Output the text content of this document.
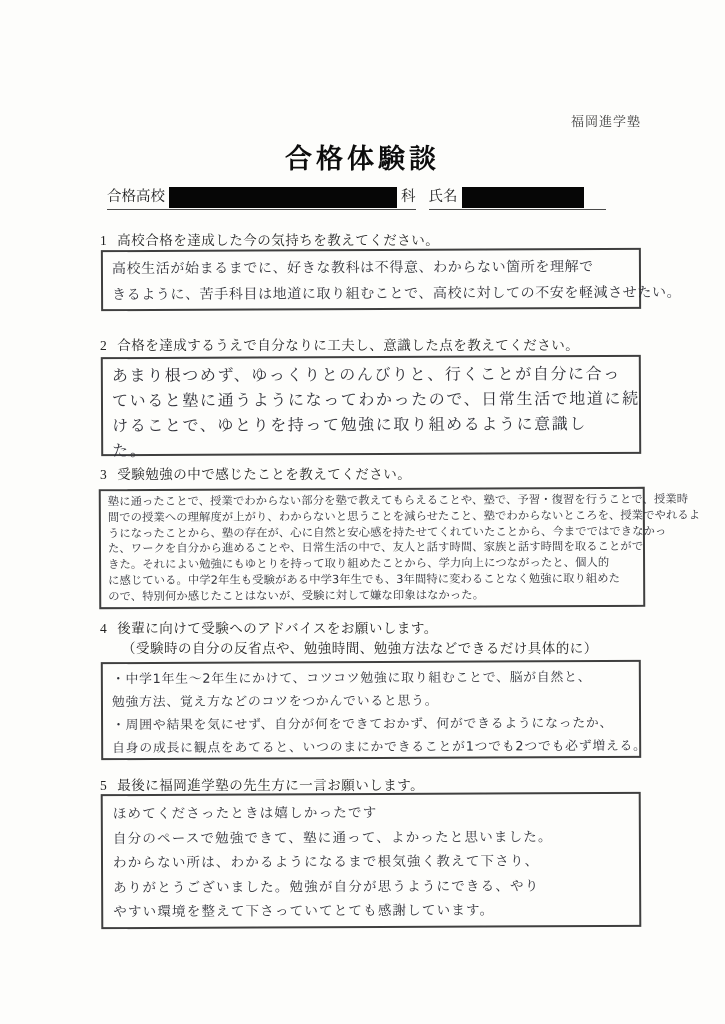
福岡進学塾
合格体験談
合格高校	科 氏名
1 高校合格を達成した今の気持ちを教えてください。
高校生活が始まるまでに、好きな教科は不得意、わからない箇所を理解で
きるように、苦手科目は地道に取り組むことで、高校に対しての不安を軽減させたい。
2 合格を達成するうえで自分なりに工夫し、意識した点を教えてください。
あまり根つめず、ゆっくりとのんびりと、行くことが自分に合っ
ていると塾に通うようになってわかったので、日常生活で地道に続
けることで、ゆとりを持って勉強に取り組めるように意識し
た。
3 受験勉強の中で感じたことを教えてください。
塾に通ったことで、授業でわからない部分を塾で教えてもらえることや、塾で、予習・復習を行うことで、授業時
間での授業への理解度が上がり、わからないと思うことを減らせたこと、塾でわからないところを、授業でやれるよ
うになったことから、塾の存在が、心に自然と安心感を持たせてくれていたことから、今までではできなかっ
た、ワークを自分から進めることや、日常生活の中で、友人と話す時間、家族と話す時間を取ることがで
きた。それによい勉強にもゆとりを持って取り組めたことから、学力向上につながったと、個人的
に感じている。中学2年生も受験がある中学3年生でも、3年間特に変わることなく勉強に取り組めた
ので、特別何か感じたことはないが、受験に対して嫌な印象はなかった。
4 後輩に向けて受験へのアドバイスをお願いします。
（受験時の自分の反省点や、勉強時間、勉強方法などできるだけ具体的に）
・中学1年生〜2年生にかけて、コツコツ勉強に取り組むことで、脳が自然と、
勉強方法、覚え方などのコツをつかんでいると思う。
・周囲や結果を気にせず、自分が何をできておかず、何ができるようになったか、
自身の成長に観点をあてると、いつのまにかできることが1つでも2つでも必ず増える。
5 最後に福岡進学塾の先生方に一言お願いします。
ほめてくださったときは嬉しかったです
自分のペースで勉強できて、塾に通って、よかったと思いました。
わからない所は、わかるようになるまで根気強く教えて下さり、
ありがとうございました。勉強が自分が思うようにできる、やり
やすい環境を整えて下さっていてとても感謝しています。
